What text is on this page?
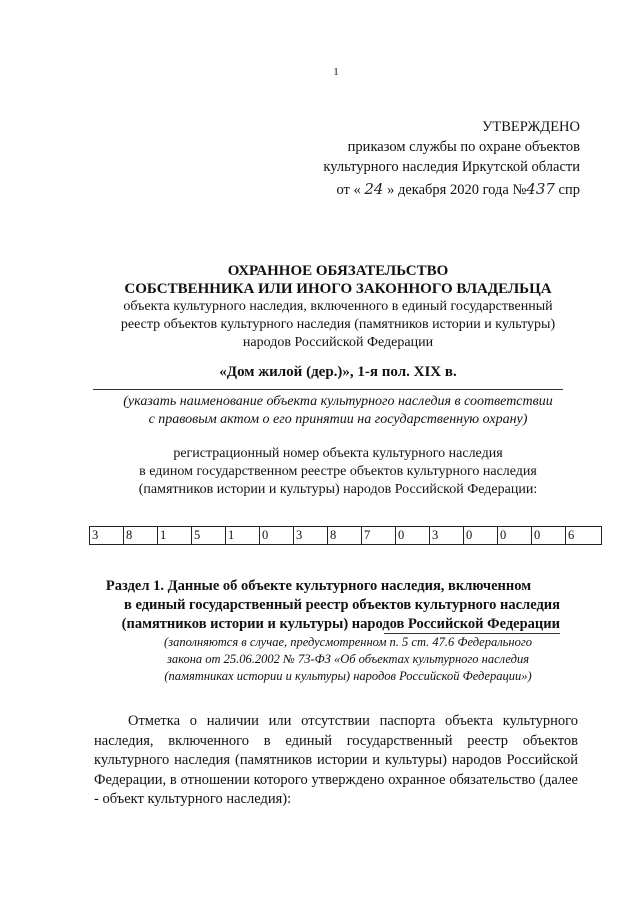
1
УТВЕРЖДЕНО
приказом службы по охране объектов
культурного наследия Иркутской области
от « 24 » декабря 2020 года №437 спр
ОХРАННОЕ ОБЯЗАТЕЛЬСТВО
СОБСТВЕННИКА ИЛИ ИНОГО ЗАКОННОГО ВЛАДЕЛЬЦА
объекта культурного наследия, включенного в единый государственный
реестр объектов культурного наследия (памятников истории и культуры)
народов Российской Федерации
«Дом жилой (дер.)», 1-я пол. XIX в.
(указать наименование объекта культурного наследия в соответствии
с правовым актом о его принятии на государственную охрану)
регистрационный номер объекта культурного наследия
в едином государственном реестре объектов культурного наследия
(памятников истории и культуры) народов Российской Федерации:
3	8	1	5	1	0	3	8	7	0	3	0	0	0	6
Раздел 1. Данные об объекте культурного наследия, включенном
в единый государственный реестр объектов культурного наследия
(памятников истории и культуры) народов Российской Федерации
(заполняются в случае, предусмотренном п. 5 ст. 47.6 Федерального
закона от 25.06.2002 № 73-ФЗ «Об объектах культурного наследия
(памятниках истории и культуры) народов Российской Федерации»)
Отметка о наличии или отсутствии паспорта объекта культурного наследия, включенного в единый государственный реестр объектов культурного наследия (памятников истории и культуры) народов Российской Федерации, в отношении которого утверждено охранное обязательство (далее - объект культурного наследия):
